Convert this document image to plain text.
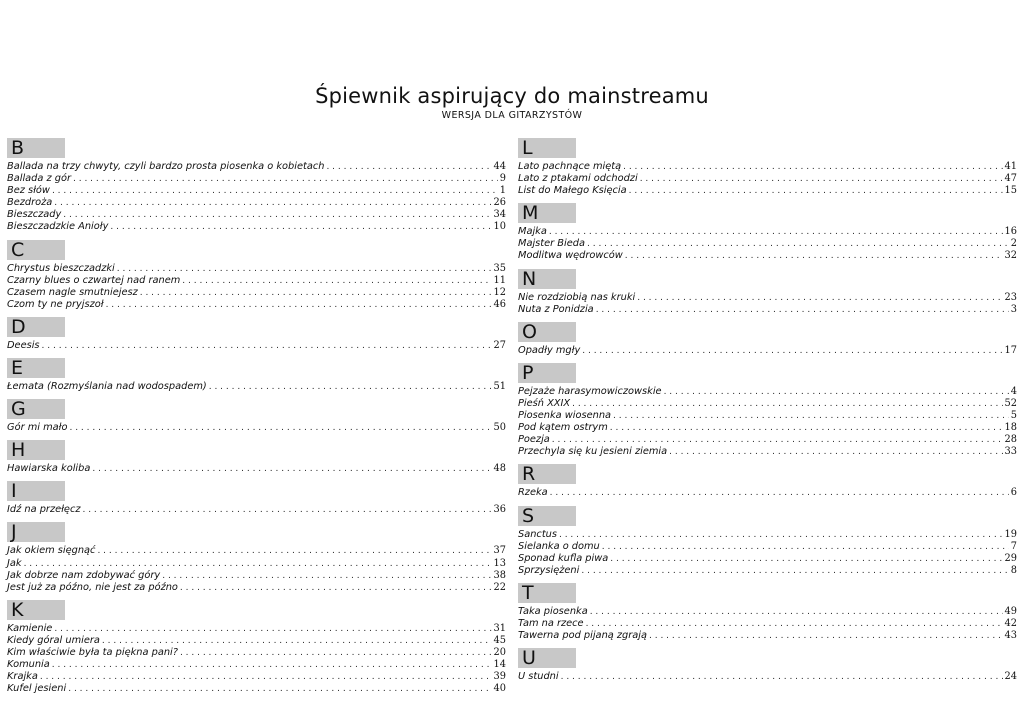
Śpiewnik aspirujący do mainstreamu
WERSJA DLA GITARZYSTÓW
B
Ballada na trzy chwyty, czyli bardzo prosta piosenka o kobietach . . .	44
Ballada z gór . . .	9
Bez słów . . .	1
Bezdroża . . .	26
Bieszczady . . .	34
Bieszczadzkie Anioły . . .	10
C
Chrystus bieszczadzki . . .	35
Czarny blues o czwartej nad ranem . . .	11
Czasem nagle smutniejesz . . .	12
Czom ty ne pryjszoł . . .	46
D
Deesis . . .	27
E
Łemata (Rozmyślania nad wodospadem) . . .	51
G
Gór mi mało . . .	50
H
Hawiarska koliba . . .	48
I
Idź na przełęcz . . .	36
J
Jak okiem sięgnąć . . .	37
Jak . . .	13
Jak dobrze nam zdobywać góry . . .	38
Jest już za późno, nie jest za późno . . .	22
K
Kamienie . . .	31
Kiedy góral umiera . . .	45
Kim właściwie była ta piękna pani? . . .	20
Komunia . . .	14
Krajka . . .	39
Kufel jesieni . . .	40
L
Lato pachnące miętą . . .	41
Lato z ptakami odchodzi . . .	47
List do Małego Księcia . . .	15
M
Majka . . .	16
Majster Bieda . . .	2
Modlitwa wędrowców . . .	32
N
Nie rozdziobią nas kruki . . .	23
Nuta z Ponidzia . . .	3
O
Opadły mgły . . .	17
P
Pejzaże harasymowiczowskie . . .	4
Pieśń XXIX . . .	52
Piosenka wiosenna . . .	5
Pod kątem ostrym . . .	18
Poezja . . .	28
Przechyla się ku jesieni ziemia . . .	33
R
Rzeka . . .	6
S
Sanctus . . .	19
Sielanka o domu . . .	7
Sponad kufla piwa . . .	29
Sprzysiężeni . . .	8
T
Taka piosenka . . .	49
Tam na rzece . . .	42
Tawerna pod pijaną zgrają . . .	43
U
U studni . . .	24
